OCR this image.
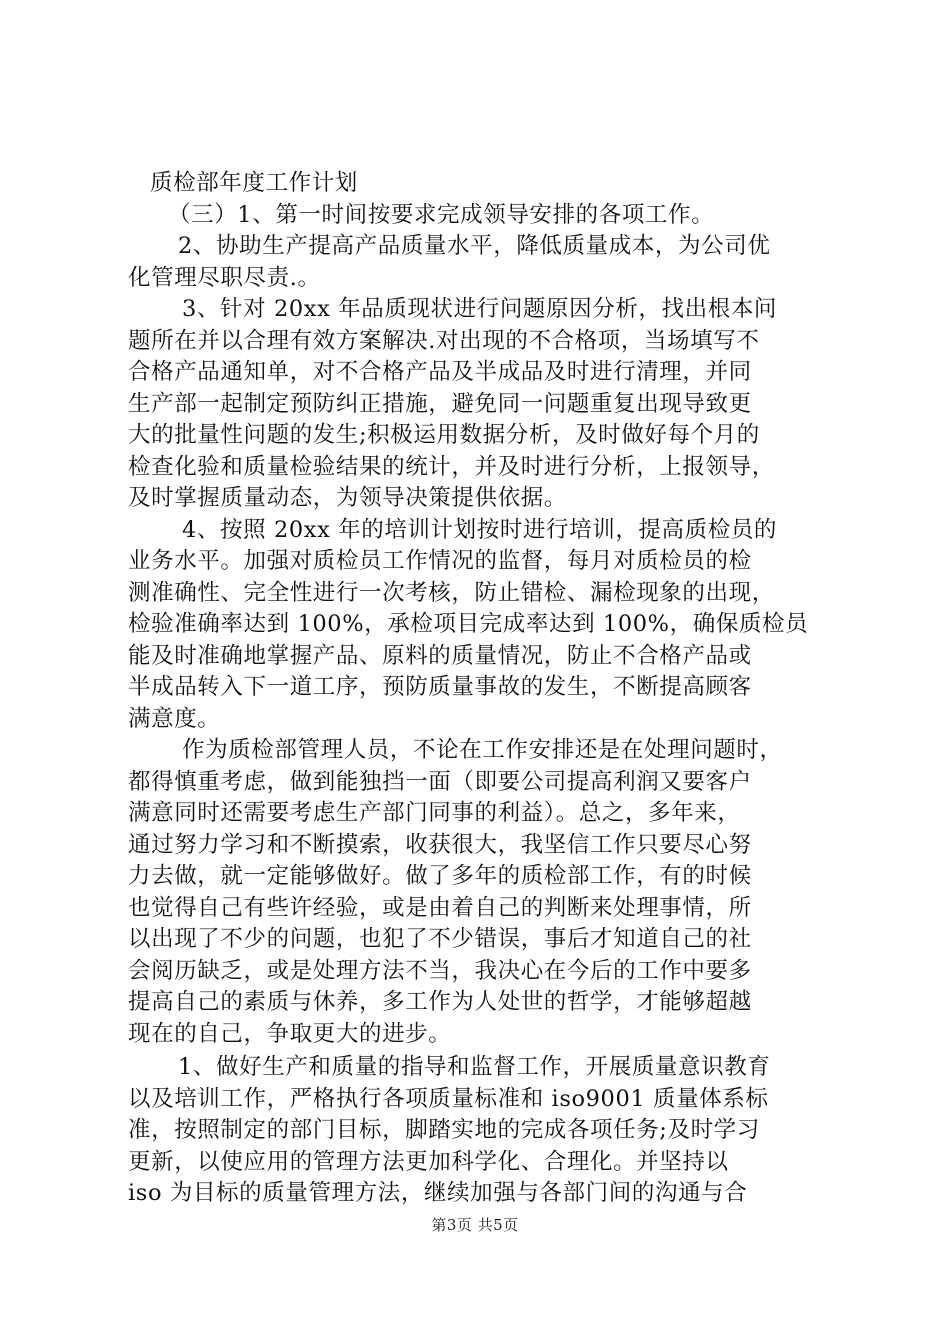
质检部年度工作计划
（三）1、第一时间按要求完成领导安排的各项工作。
2、协助生产提高产品质量水平，降低质量成本，为公司优
化管理尽职尽责.。
3、针对 20xx 年品质现状进行问题原因分析，找出根本问
题所在并以合理有效方案解决.对出现的不合格项，当场填写不
合格产品通知单，对不合格产品及半成品及时进行清理，并同
生产部一起制定预防纠正措施，避免同一问题重复出现导致更
大的批量性问题的发生;积极运用数据分析，及时做好每个月的
检查化验和质量检验结果的统计，并及时进行分析，上报领导，
及时掌握质量动态，为领导决策提供依据。
4、按照 20xx 年的培训计划按时进行培训，提高质检员的
业务水平。加强对质检员工作情况的监督，每月对质检员的检
测准确性、完全性进行一次考核，防止错检、漏检现象的出现，
检验准确率达到 100%，承检项目完成率达到 100%，确保质检员
能及时准确地掌握产品、原料的质量情况，防止不合格产品或
半成品转入下一道工序，预防质量事故的发生，不断提高顾客
满意度。
作为质检部管理人员，不论在工作安排还是在处理问题时，
都得慎重考虑，做到能独挡一面（即要公司提高利润又要客户
满意同时还需要考虑生产部门同事的利益）。总之，多年来，
通过努力学习和不断摸索，收获很大，我坚信工作只要尽心努
力去做，就一定能够做好。做了多年的质检部工作，有的时候
也觉得自己有些许经验，或是由着自己的判断来处理事情，所
以出现了不少的问题，也犯了不少错误，事后才知道自己的社
会阅历缺乏，或是处理方法不当，我决心在今后的工作中要多
提高自己的素质与休养，多工作为人处世的哲学，才能够超越
现在的自己，争取更大的进步。
1、做好生产和质量的指导和监督工作，开展质量意识教育
以及培训工作，严格执行各项质量标准和 iso9001 质量体系标
准，按照制定的部门目标，脚踏实地的完成各项任务;及时学习
更新，以使应用的管理方法更加科学化、合理化。并坚持以
iso 为目标的质量管理方法，继续加强与各部门间的沟通与合
第3页 共5页
